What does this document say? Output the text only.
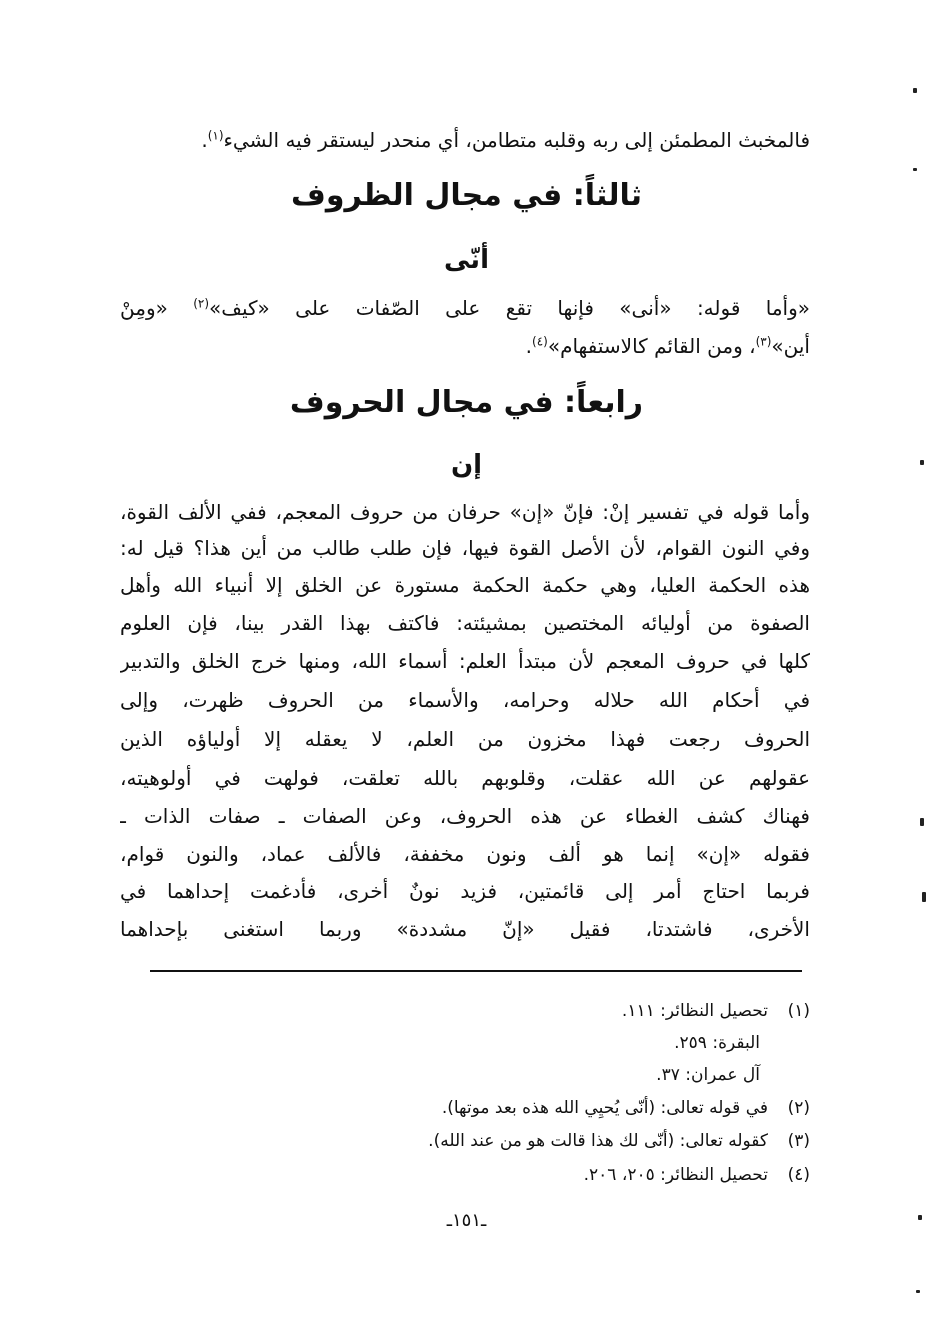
فالمخبث المطمئن إلى ربه وقلبه متطامن، أي منحدر ليستقر فيه الشيء$^{(١)}$.
ثالثاً: في مجال الظروف
أنّى
«وأما قوله: «أنى» فإنها تقع على الصّفات على «كيف»$^{(٢)}$ «ومِنْ
أين»$^{(٣)}$، ومن القائم كالاستفهام»$^{(٤)}$.
رابعاً: في مجال الحروف
إن
وأما قوله في تفسير إنْ: فإنّ «إن» حرفان من حروف المعجم، ففي الألف القوة،
وفي النون القوام، لأن الأصل القوة فيها، فإن طلب طالب من أين هذا؟ قيل له:
هذه الحكمة العليا، وهي حكمة الحكمة مستورة عن الخلق إلا أنبياء الله وأهل
الصفوة من أوليائه المختصين بمشيئته: فاكتف بهذا القدر بينا، فإن العلوم
كلها في حروف المعجم لأن مبتدأ العلم: أسماء الله، ومنها خرج الخلق والتدبير
في أحكام الله حلاله وحرامه، والأسماء من الحروف ظهرت، وإلى
الحروف رجعت فهذا مخزون من العلم، لا يعقله إلا أولياؤه الذين
عقولهم عن الله عقلت، وقلوبهم بالله تعلقت، فولهت في أولوهيته،
فهناك كشف الغطاء عن هذه الحروف، وعن الصفات ـ صفات الذات ـ
فقوله «إن» إنما هو ألف ونون مخففة، فالألف عماد، والنون قوام،
فربما احتاج أمر إلى قائمتين، فزيد نونٌ أخرى، فأدغمت إحداهما في
الأخرى، فاشتدتا، فقيل «إنّ مشددة» وربما استغنى بإحداهما
(١)تحصيل النظائر: ١١١.
البقرة: ٢٥٩.
آل عمران: ٣٧.
(٢)في قوله تعالى: (أنّى يُحيِي الله هذه بعد موتها).
(٣)كقوله تعالى: (أنّى لك هذا قالت هو من عند الله).
(٤)تحصيل النظائر: ٢٠٥، ٢٠٦.
ـ١٥١ـ
